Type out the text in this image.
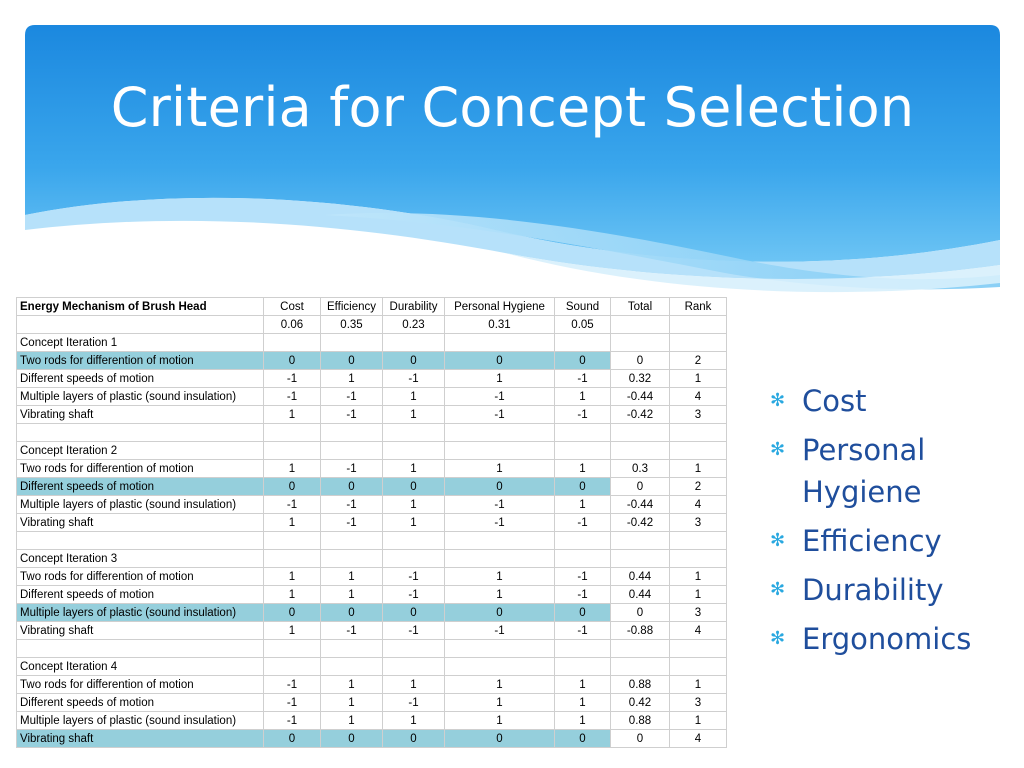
Criteria for Concept Selection
Energy Mechanism of Brush Head	Cost	Efficiency	Durability	Personal Hygiene	Sound	Total	Rank
	0.06	0.35	0.23	0.31	0.05		
Concept Iteration 1							
Two rods for differention of motion	0	0	0	0	0	0	2
Different speeds of motion	-1	1	-1	1	-1	0.32	1
Multiple layers of plastic (sound insulation)	-1	-1	1	-1	1	-0.44	4
Vibrating shaft	1	-1	1	-1	-1	-0.42	3

Concept Iteration 2							
Two rods for differention of motion	1	-1	1	1	1	0.3	1
Different speeds of motion	0	0	0	0	0	0	2
Multiple layers of plastic (sound insulation)	-1	-1	1	-1	1	-0.44	4
Vibrating shaft	1	-1	1	-1	-1	-0.42	3

Concept Iteration 3							
Two rods for differention of motion	1	1	-1	1	-1	0.44	1
Different speeds of motion	1	1	-1	1	-1	0.44	1
Multiple layers of plastic (sound insulation)	0	0	0	0	0	0	3
Vibrating shaft	1	-1	-1	-1	-1	-0.88	4

Concept Iteration 4							
Two rods for differention of motion	-1	1	1	1	1	0.88	1
Different speeds of motion	-1	1	-1	1	1	0.42	3
Multiple layers of plastic (sound insulation)	-1	1	1	1	1	0.88	1
Vibrating shaft	0	0	0	0	0	0	4
✻ Cost
✻ Personal Hygiene
✻ Efficiency
✻ Durability
✻ Ergonomics
